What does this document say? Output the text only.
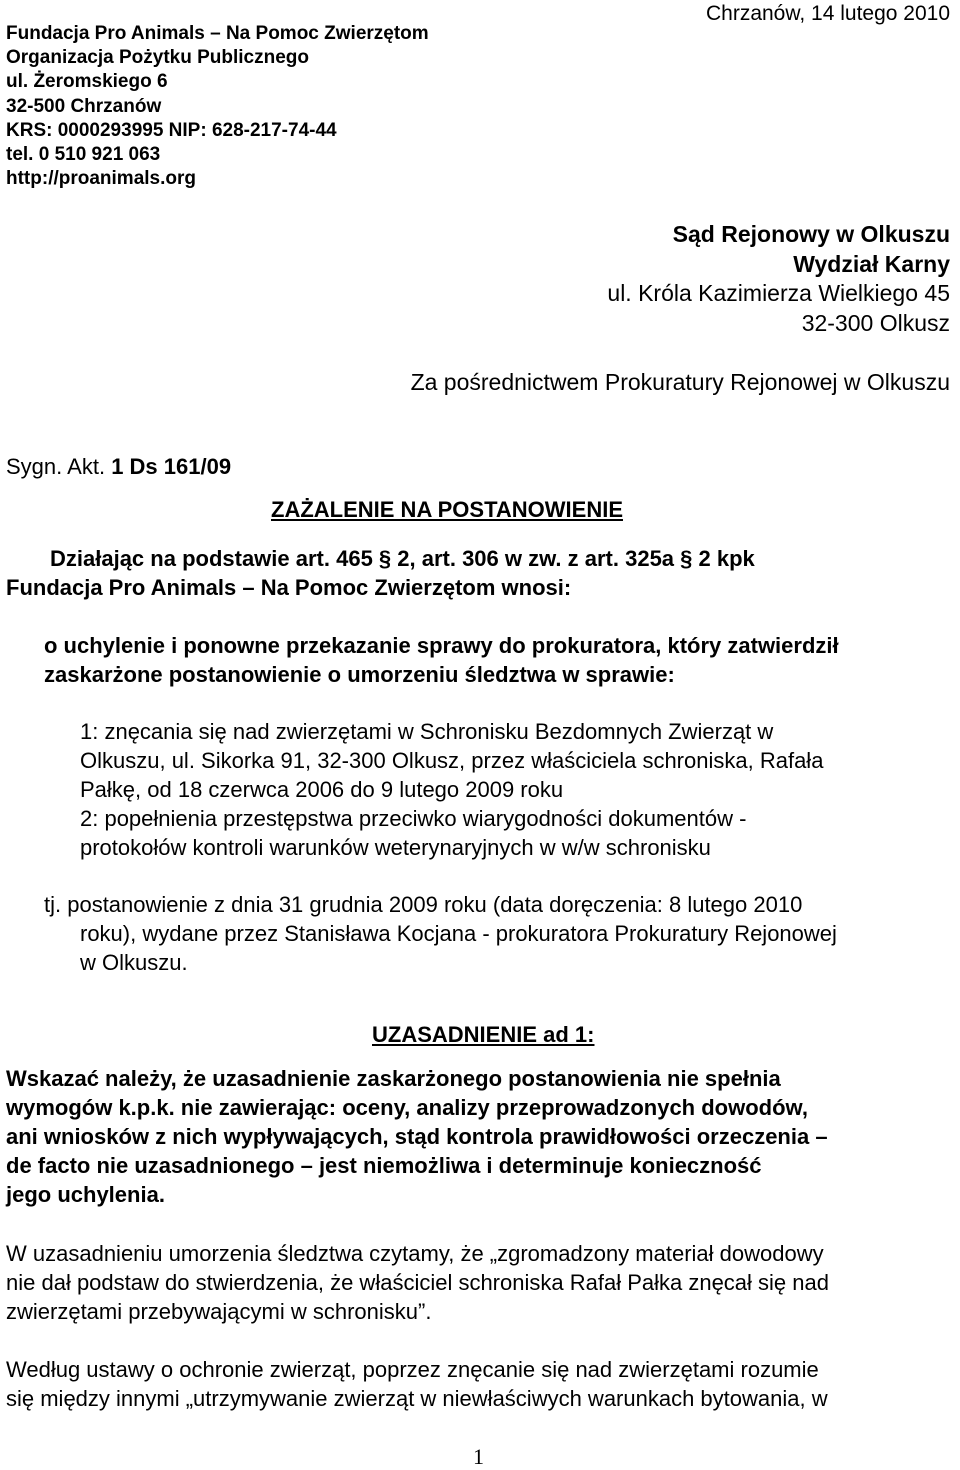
Fundacja Pro Animals – Na Pomoc Zwierzętom
Organizacja Pożytku Publicznego
ul. Żeromskiego 6
32-500 Chrzanów
KRS: 0000293995 NIP: 628-217-74-44
tel. 0 510 921 063
http://proanimals.org
Chrzanów, 14 lutego 2010
Sąd Rejonowy w Olkuszu
Wydział Karny
ul. Króla Kazimierza Wielkiego 45
32-300 Olkusz
Za pośrednictwem Prokuratury Rejonowej w Olkuszu
Sygn. Akt. 1 Ds 161/09
ZAŻALENIE NA POSTANOWIENIE
Działając na podstawie art. 465 § 2, art. 306 w zw. z art. 325a § 2 kpk
Fundacja Pro Animals – Na Pomoc Zwierzętom wnosi:
o uchylenie i ponowne przekazanie sprawy do prokuratora, który zatwierdził
zaskarżone postanowienie o umorzeniu śledztwa w sprawie:
1: znęcania się nad zwierzętami w Schronisku Bezdomnych Zwierząt w
Olkuszu, ul. Sikorka 91, 32-300 Olkusz, przez właściciela schroniska, Rafała
Pałkę, od 18 czerwca 2006 do 9 lutego 2009 roku
2: popełnienia przestępstwa przeciwko wiarygodności dokumentów -
protokołów kontroli warunków weterynaryjnych w w/w schronisku
tj. postanowienie z dnia 31 grudnia 2009 roku (data doręczenia: 8 lutego 2010
roku), wydane przez Stanisława Kocjana - prokuratora Prokuratury Rejonowej
w Olkuszu.
UZASADNIENIE ad 1:
Wskazać należy, że uzasadnienie zaskarżonego postanowienia nie spełnia
wymogów k.p.k. nie zawierając: oceny, analizy przeprowadzonych dowodów,
ani wniosków z nich wypływających, stąd kontrola prawidłowości orzeczenia –
de facto nie uzasadnionego – jest niemożliwa i determinuje konieczność
jego uchylenia.
W uzasadnieniu umorzenia śledztwa czytamy, że „zgromadzony materiał dowodowy
nie dał podstaw do stwierdzenia, że właściciel schroniska Rafał Pałka znęcał się nad
zwierzętami przebywającymi w schronisku”.
Według ustawy o ochronie zwierząt, poprzez znęcanie się nad zwierzętami rozumie
się między innymi „utrzymywanie zwierząt w niewłaściwych warunkach bytowania, w
1
